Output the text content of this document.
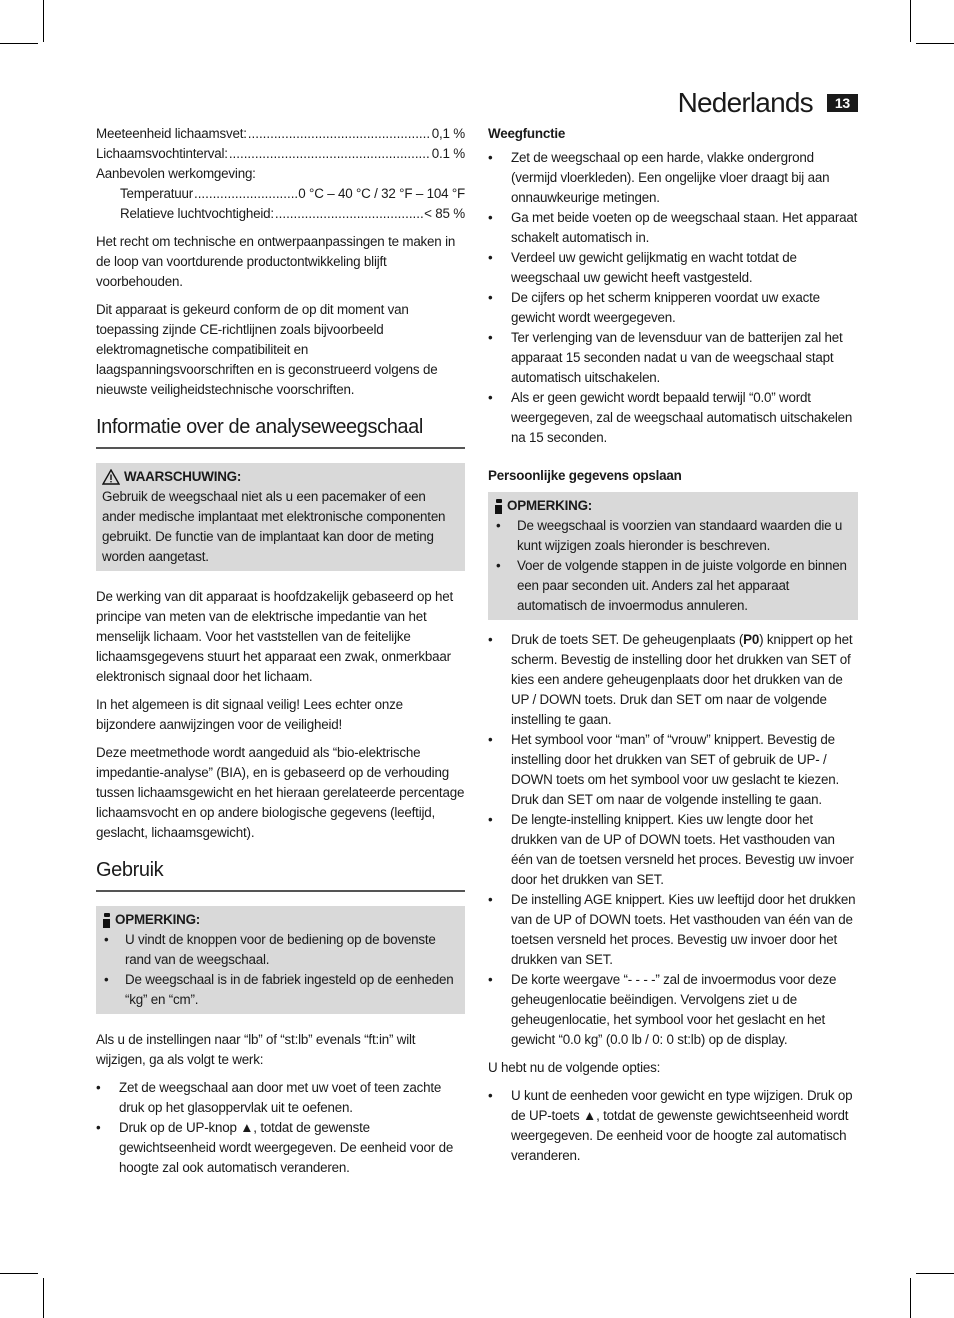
Nederlands	13
Meeteenheid lichaamsvet: .....	0,1 %
Lichaamsvochtinterval: .....	0.1 %
Aanbevolen werkomgeving:
Temperatuur .....	0 °C – 40 °C / 32 °F – 104 °F
Relatieve luchtvochtigheid: .....	< 85 %

Het recht om technische en ontwerpaanpassingen te maken in de loop van voortdurende productontwikkeling blijft voorbehouden.

Dit apparaat is gekeurd conform de op dit moment van toepassing zijnde CE-richtlijnen zoals bijvoorbeeld elektromagnetische compatibiliteit en laagspanningsvoorschriften en is geconstrueerd volgens de nieuwste veiligheidstechnische voorschriften.

Informatie over de analyseweegschaal
WAARSCHUWING:
Gebruik de weegschaal niet als u een pacemaker of een ander medische implantaat met elektronische componenten gebruikt. De functie van de implantaat kan door de meting worden aangetast.

De werking van dit apparaat is hoofdzakelijk gebaseerd op het principe van meten van de elektrische impedantie van het menselijk lichaam. Voor het vaststellen van de feitelijke lichaamsgegevens stuurt het apparaat een zwak, onmerkbaar elektronisch signaal door het lichaam.

In het algemeen is dit signaal veilig! Lees echter onze bijzondere aanwijzingen voor de veiligheid!

Deze meetmethode wordt aangeduid als “bio-elektrische impedantie-analyse” (BIA), en is gebaseerd op de verhouding tussen lichaamsgewicht en het hieraan gerelateerde percentage lichaamsvocht en op andere biologische gegevens (leeftijd, geslacht, lichaamsgewicht).

Gebruik
OPMERKING:
• U vindt de knoppen voor de bediening op de bovenste rand van de weegschaal.
• De weegschaal is in de fabriek ingesteld op de eenheden “kg” en “cm”.

Als u de instellingen naar “lb” of “st:lb” evenals “ft:in” wilt wijzigen, ga als volgt te werk:

• Zet de weegschaal aan door met uw voet of teen zachte druk op het glasoppervlak uit te oefenen.
• Druk op de UP-knop ▲, totdat de gewenste gewichtseenheid wordt weergegeven. De eenheid voor de hoogte zal ook automatisch veranderen.
Weegfunctie
• Zet de weegschaal op een harde, vlakke ondergrond (vermijd vloerkleden). Een ongelijke vloer draagt bij aan onnauwkeurige metingen.
• Ga met beide voeten op de weegschaal staan. Het apparaat schakelt automatisch in.
• Verdeel uw gewicht gelijkmatig en wacht totdat de weegschaal uw gewicht heeft vastgesteld.
• De cijfers op het scherm knipperen voordat uw exacte gewicht wordt weergegeven.
• Ter verlenging van de levensduur van de batterijen zal het apparaat 15 seconden nadat u van de weegschaal stapt automatisch uitschakelen.
• Als er geen gewicht wordt bepaald terwijl “0.0” wordt weergegeven, zal de weegschaal automatisch uitschakelen na 15 seconden.
Persoonlijke gegevens opslaan
OPMERKING:
• De weegschaal is voorzien van standaard waarden die u kunt wijzigen zoals hieronder is beschreven.
• Voer de volgende stappen in de juiste volgorde en binnen een paar seconden uit. Anders zal het apparaat automatisch de invoermodus annuleren.
• Druk de toets SET. De geheugenplaats (P0) knippert op het scherm. Bevestig de instelling door het drukken van SET of kies een andere geheugenplaats door het drukken van de UP / DOWN toets. Druk dan SET om naar de volgende instelling te gaan.
• Het symbool voor “man” of “vrouw” knippert. Bevestig de instelling door het drukken van SET of gebruik de UP- / DOWN toets om het symbool voor uw geslacht te kiezen. Druk dan SET om naar de volgende instelling te gaan.
• De lengte-instelling knippert. Kies uw lengte door het drukken van de UP of DOWN toets. Het vasthouden van één van de toetsen versneld het proces. Bevestig uw invoer door het drukken van SET.
• De instelling AGE knippert. Kies uw leeftijd door het drukken van de UP of DOWN toets. Het vasthouden van één van de toetsen versneld het proces. Bevestig uw invoer door het drukken van SET.
• De korte weergave “- - - -” zal de invoermodus voor deze geheugenlocatie beëindigen. Vervolgens ziet u de geheugenlocatie, het symbool voor het geslacht en het gewicht “0.0 kg” (0.0 lb / 0: 0 st:lb) op de display.

U hebt nu de volgende opties:

• U kunt de eenheden voor gewicht en type wijzigen. Druk op de UP-toets ▲, totdat de gewenste gewichtseenheid wordt weergegeven. De eenheid voor de hoogte zal automatisch veranderen.
